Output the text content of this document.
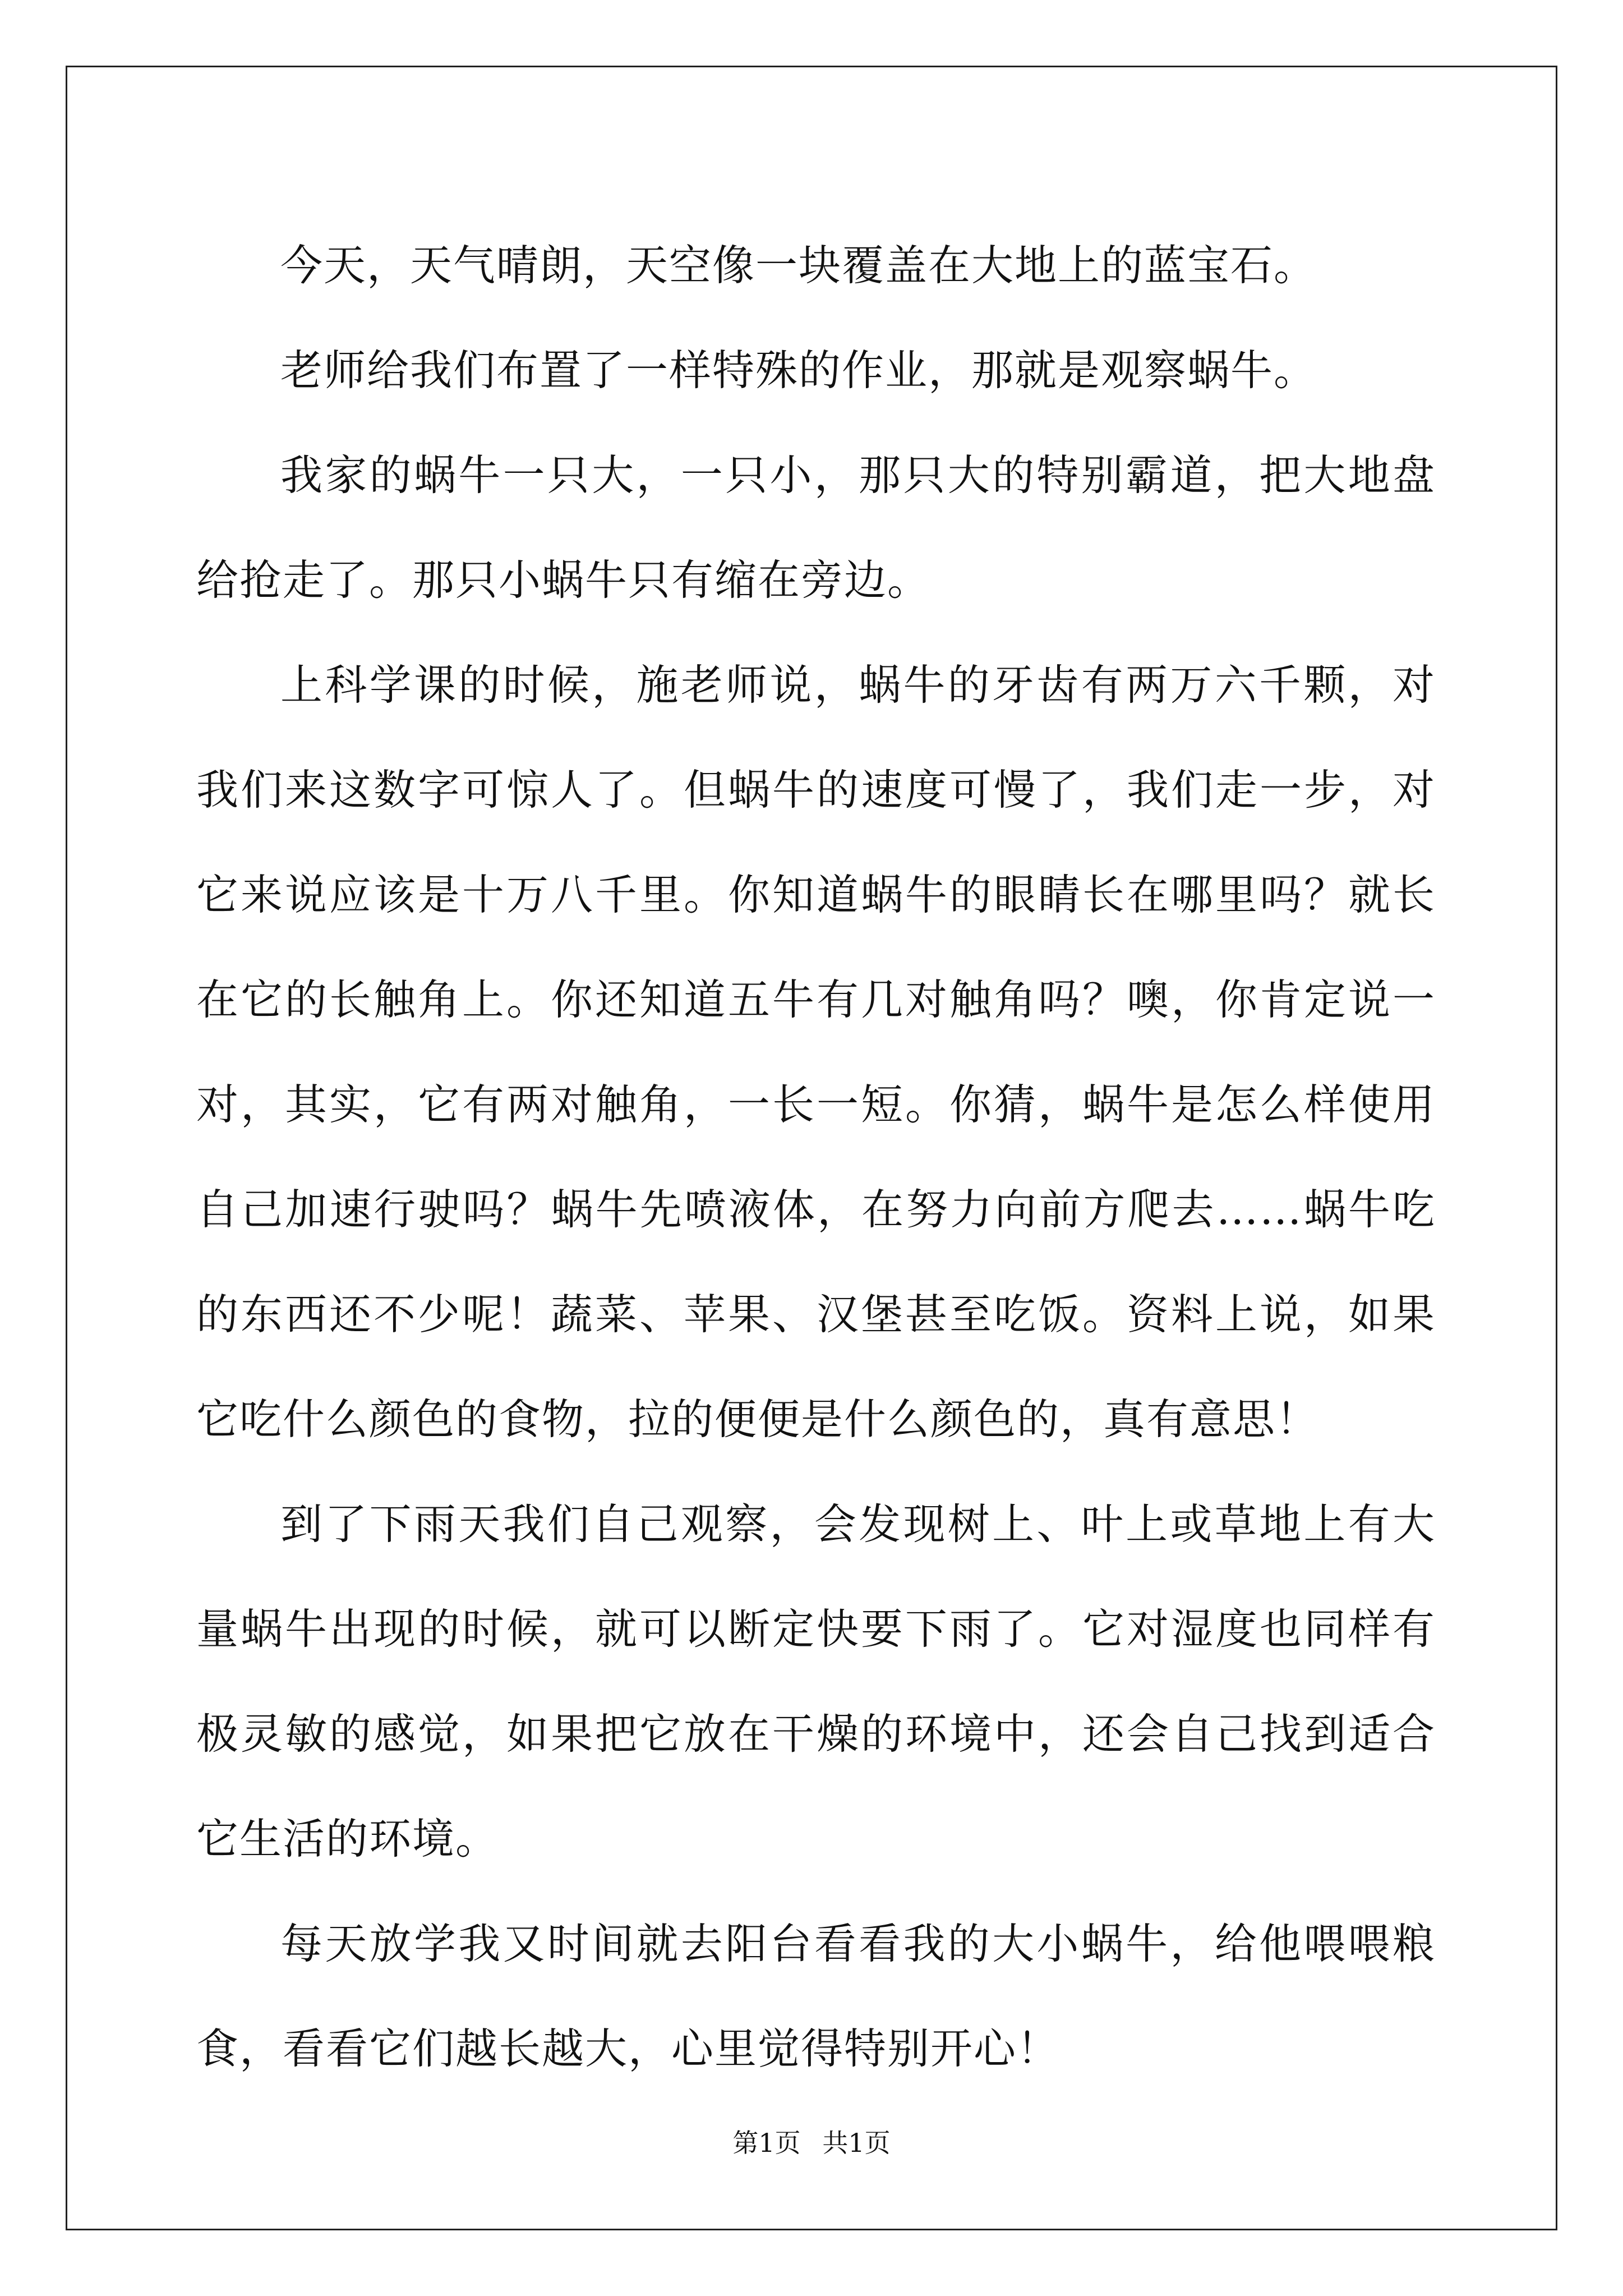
今天，天气晴朗，天空像一块覆盖在大地上的蓝宝石。

老师给我们布置了一样特殊的作业，那就是观察蜗牛。

我家的蜗牛一只大，一只小，那只大的特别霸道，把大地盘给抢走了。那只小蜗牛只有缩在旁边。

上科学课的时候，施老师说，蜗牛的牙齿有两万六千颗，对我们来这数字可惊人了。但蜗牛的速度可慢了，我们走一步，对它来说应该是十万八千里。你知道蜗牛的眼睛长在哪里吗？就长在它的长触角上。你还知道五牛有几对触角吗？噢，你肯定说一对，其实，它有两对触角，一长一短。你猜，蜗牛是怎么样使用自己加速行驶吗？蜗牛先喷液体，在努力向前方爬去……蜗牛吃的东西还不少呢！蔬菜、苹果、汉堡甚至吃饭。资料上说，如果它吃什么颜色的食物，拉的便便是什么颜色的，真有意思！

到了下雨天我们自己观察，会发现树上、叶上或草地上有大量蜗牛出现的时候，就可以断定快要下雨了。它对湿度也同样有极灵敏的感觉，如果把它放在干燥的环境中，还会自己找到适合它生活的环境。

每天放学我又时间就去阳台看看我的大小蜗牛，给他喂喂粮食，看看它们越长越大，心里觉得特别开心！

第1页 共1页
